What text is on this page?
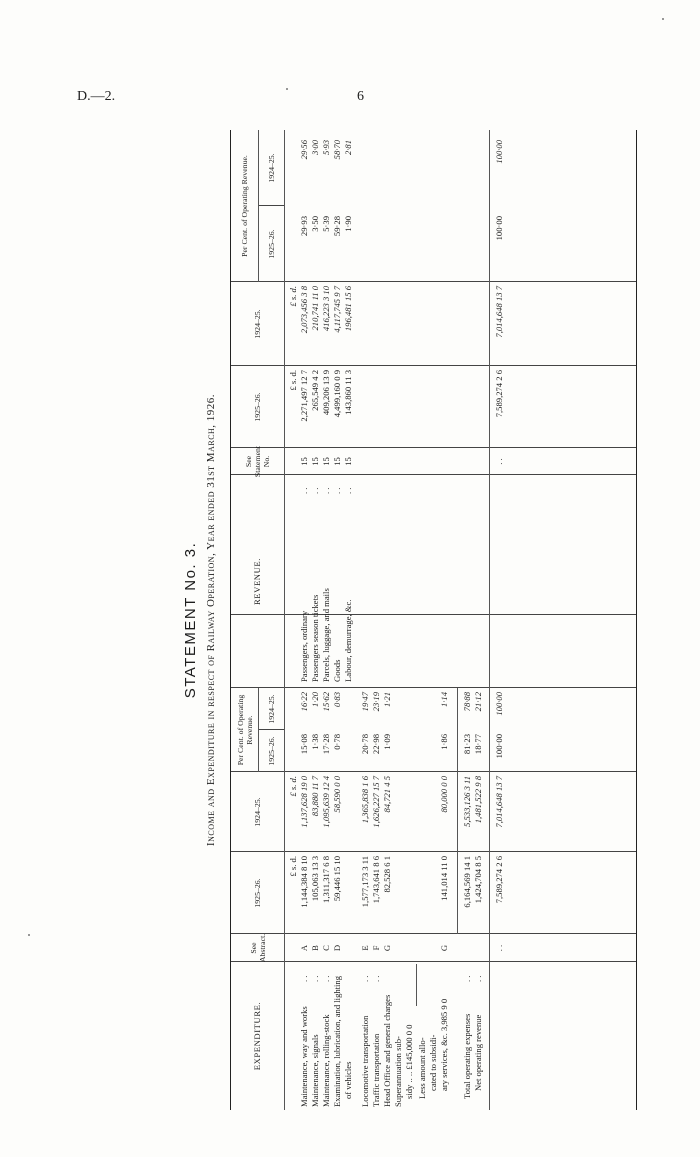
D.—2.	6
STATEMENT No. 3. Income and Expenditure in respect of Railway Operation, Year ended 31st March, 1926.
EXPENDITURE.
See Abstract.
1925–26.
1924–25.
Per Cent. of Operating Revenue.
1925–26.
1924–25.
REVENUE.
See Statement No.
1925–26.
1924–25.
Per Cent. of Operating Revenue.	1925–26.
1924–25.
£ s. d.
£ s. d.
£ s. d.
£ s. d.
Maintenance, way and works
. .
A
1,144,384 8 10
1,137,628 19 0
15·08
16·22
Maintenance, signals
. .
B
105,063 13 3
83,880 11 7
1·38
1·20
Maintenance, rolling-stock
. .
C
1,311,317 6 8
1,095,639 12 4
17·28
15·62
Examination, lubrication, and lighting
D
59,446 15 10
58,590 0 0
0·78
0·83
of vehicles Locomotive transportation
. .
E
1,577,173 3 11
1,365,838 1 6
20·78
19·47
Traffic transportation
. .
F
1,743,641 8 6
1,626,227 15 7
22·98
23·19
Head Office and general charges
G
82,528 6 1
84,721 4 5
1·09
1·21
Superannuation sub- sidy .. .. £145,000 0 0 Less amount allo- cated to subsidi- ary services, &c. 3,985 9 0
G
141,014 11 0
80,000 0 0
1·86
1·14
Total operating expenses
. .
6,164,569 14 1
5,533,126 3 11
81·23
78·88
Net operating revenue
. .
1,424,704 8 5
1,481,522 9 8
18·77
21·12
. .
7,589,274 2 6
7,014,648 13 7
100·00
100·00
. .
7,589,274 2 6
7,014,648 13 7
100·00
100·00
Passengers, ordinary
. .
15
2,271,497 12 7
2,073,456 3 8
29·93
29·56
Passengers season tickets
. .
15
265,549 4 2
210,741 11 0
3·50
3·00
Parcels, luggage, and mails
. .
15
409,206 13 9
416,223 3 10
5·39
5·93
Goods
. .
15
4,499,160 0 9
4,117,745 9 7
59·28
58·70
Labour, demurrage, &c.
. .
15
143,860 11 3
196,481 15 6
1·90
2·81
